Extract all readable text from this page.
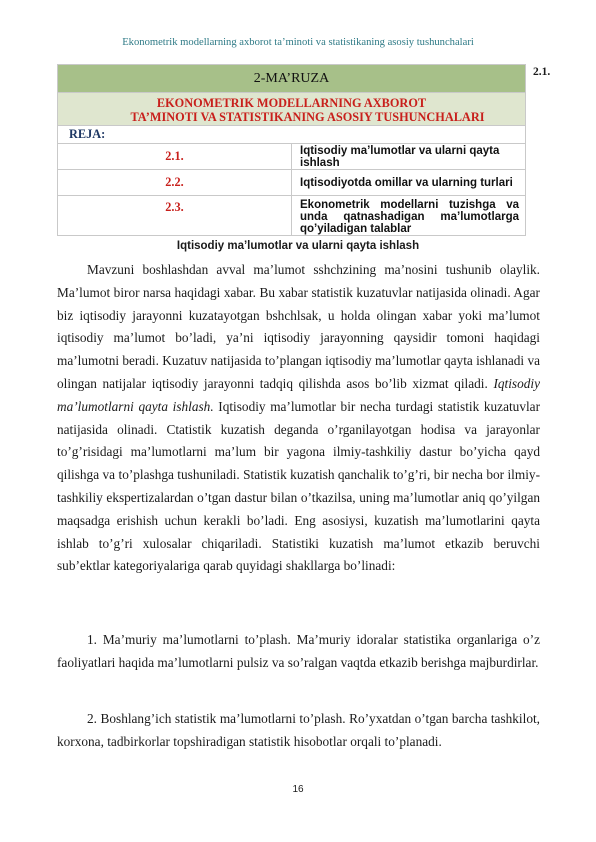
Ekonometrik modellarning axborot ta’minoti va statistikaning asosiy tushunchalari
2.1.
2-MA’RUZA	

EKONOMETRIK MODELLARNING AXBOROT
TA’MINOTI VA STATISTIKANING ASOSIY TUSHUNCHALARI	

REJA:	
2.1.	Iqtisodiy ma’lumotlar va ularni qayta ishlash
2.2.	Iqtisodiyotda omillar va ularning turlari
2.3.	Ekonometrik modellarni tuzishga va unda qatnashadigan ma’lumotlarga qo’yiladigan talablar
Iqtisodiy ma’lumotlar va ularni qayta ishlash

Mavzuni boshlashdan avval ma’lumot sshchzining ma’nosini tushunib olaylik. Ma’lumot biror narsa haqidagi xabar. Bu xabar statistik kuzatuvlar natijasida olinadi. Agar biz iqtisodiy jarayonni kuzatayotgan bshchlsak, u holda olingan xabar yoki ma’lumot iqtisodiy ma’lumot bo’ladi, ya’ni iqtisodiy jarayonning qaysidir tomoni haqidagi ma’lumotni beradi. Kuzatuv natijasida to’plangan iqtisodiy ma’lumotlar qayta ishlanadi va olingan natijalar iqtisodiy jarayonni tadqiq qilishda asos bo’lib xizmat qiladi. Iqtisodiy ma’lumotlarni qayta ishlash. Iqtisodiy ma’lumotlar bir necha turdagi statistik kuzatuvlar natijasida olinadi. Ctatistik kuzatish deganda o’rganilayotgan hodisa va jarayonlar to’g’risidagi ma’lumotlarni ma’lum bir yagona ilmiy-tashkiliy dastur bo’yicha qayd qilishga va to’plashga tushuniladi. Statistik kuzatish qanchalik to’g’ri, bir necha bor ilmiy-tashkiliy ekspertizalardan o’tgan dastur bilan o’tkazilsa, uning ma’lumotlar aniq qo’yilgan maqsadga erishish uchun kerakli bo’ladi. Eng asosiysi, kuzatish ma’lumotlarini qayta ishlab to’g’ri xulosalar chiqariladi. Statistiki kuzatish ma’lumot etkazib beruvchi sub’ektlar kategoriyalariga qarab quyidagi shakllarga bo’linadi:

1. Ma’muriy ma’lumotlarni to’plash. Ma’muriy idoralar statistika organlariga o’z faoliyatlari haqida ma’lumotlarni pulsiz va so’ralgan vaqtda etkazib berishga majburdirlar.

2. Boshlang’ich statistik ma’lumotlarni to’plash. Ro’yxatdan o’tgan barcha tashkilot, korxona, tadbirkorlar topshiradigan statistik hisobotlar orqali to’planadi.

16
